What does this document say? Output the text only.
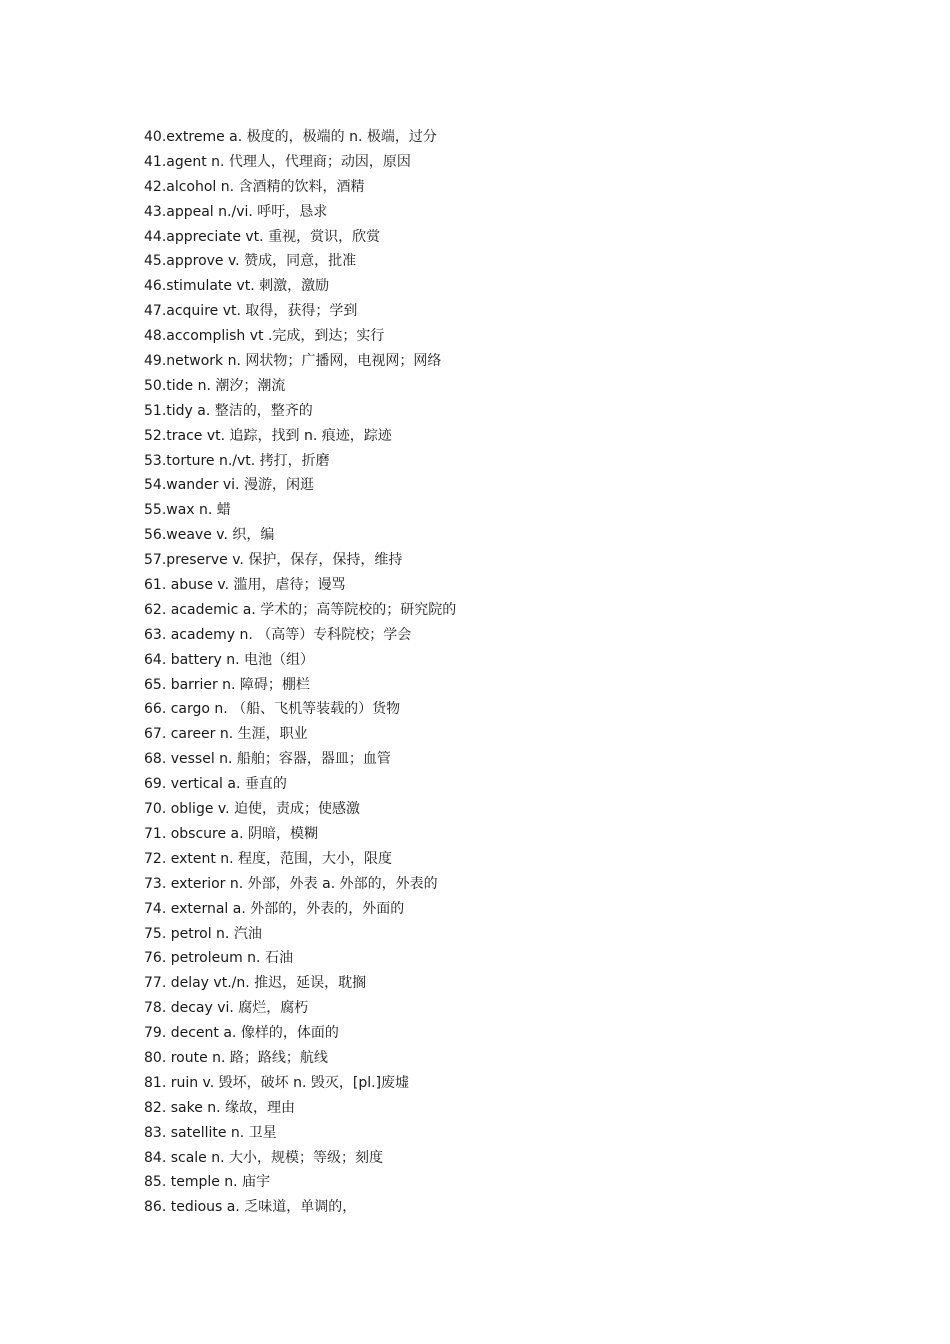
40.extreme a. 极度的，极端的 n. 极端，过分
41.agent n. 代理人，代理商；动因，原因
42.alcohol n. 含酒精的饮料，酒精
43.appeal n./vi. 呼吁，恳求
44.appreciate vt. 重视，赏识，欣赏
45.approve v. 赞成，同意，批准
46.stimulate vt. 刺激，激励
47.acquire vt. 取得，获得；学到
48.accomplish vt .完成，到达；实行
49.network n. 网状物；广播网，电视网；网络
50.tide n. 潮汐；潮流
51.tidy a. 整洁的，整齐的
52.trace vt. 追踪，找到 n. 痕迹，踪迹
53.torture n./vt. 拷打，折磨
54.wander vi. 漫游，闲逛
55.wax n. 蜡
56.weave v. 织，编
57.preserve v. 保护，保存，保持，维持
61. abuse v. 滥用，虐待；谩骂
62. academic a. 学术的；高等院校的；研究院的
63. academy n. （高等）专科院校；学会
64. battery n. 电池（组）
65. barrier n. 障碍；棚栏
66. cargo n. （船、飞机等装载的）货物
67. career n. 生涯，职业
68. vessel n. 船舶；容器，器皿；血管
69. vertical a. 垂直的
70. oblige v. 迫使，责成；使感激
71. obscure a. 阴暗，模糊
72. extent n. 程度，范围，大小，限度
73. exterior n. 外部，外表 a. 外部的，外表的
74. external a. 外部的，外表的，外面的
75. petrol n. 汽油
76. petroleum n. 石油
77. delay vt./n. 推迟，延误，耽搁
78. decay vi. 腐烂，腐朽
79. decent a. 像样的，体面的
80. route n. 路；路线；航线
81. ruin v. 毁坏，破坏 n. 毁灭，[pl.]废墟
82. sake n. 缘故，理由
83. satellite n. 卫星
84. scale n. 大小，规模；等级；刻度
85. temple n. 庙宇
86. tedious a. 乏味道，单调的，
